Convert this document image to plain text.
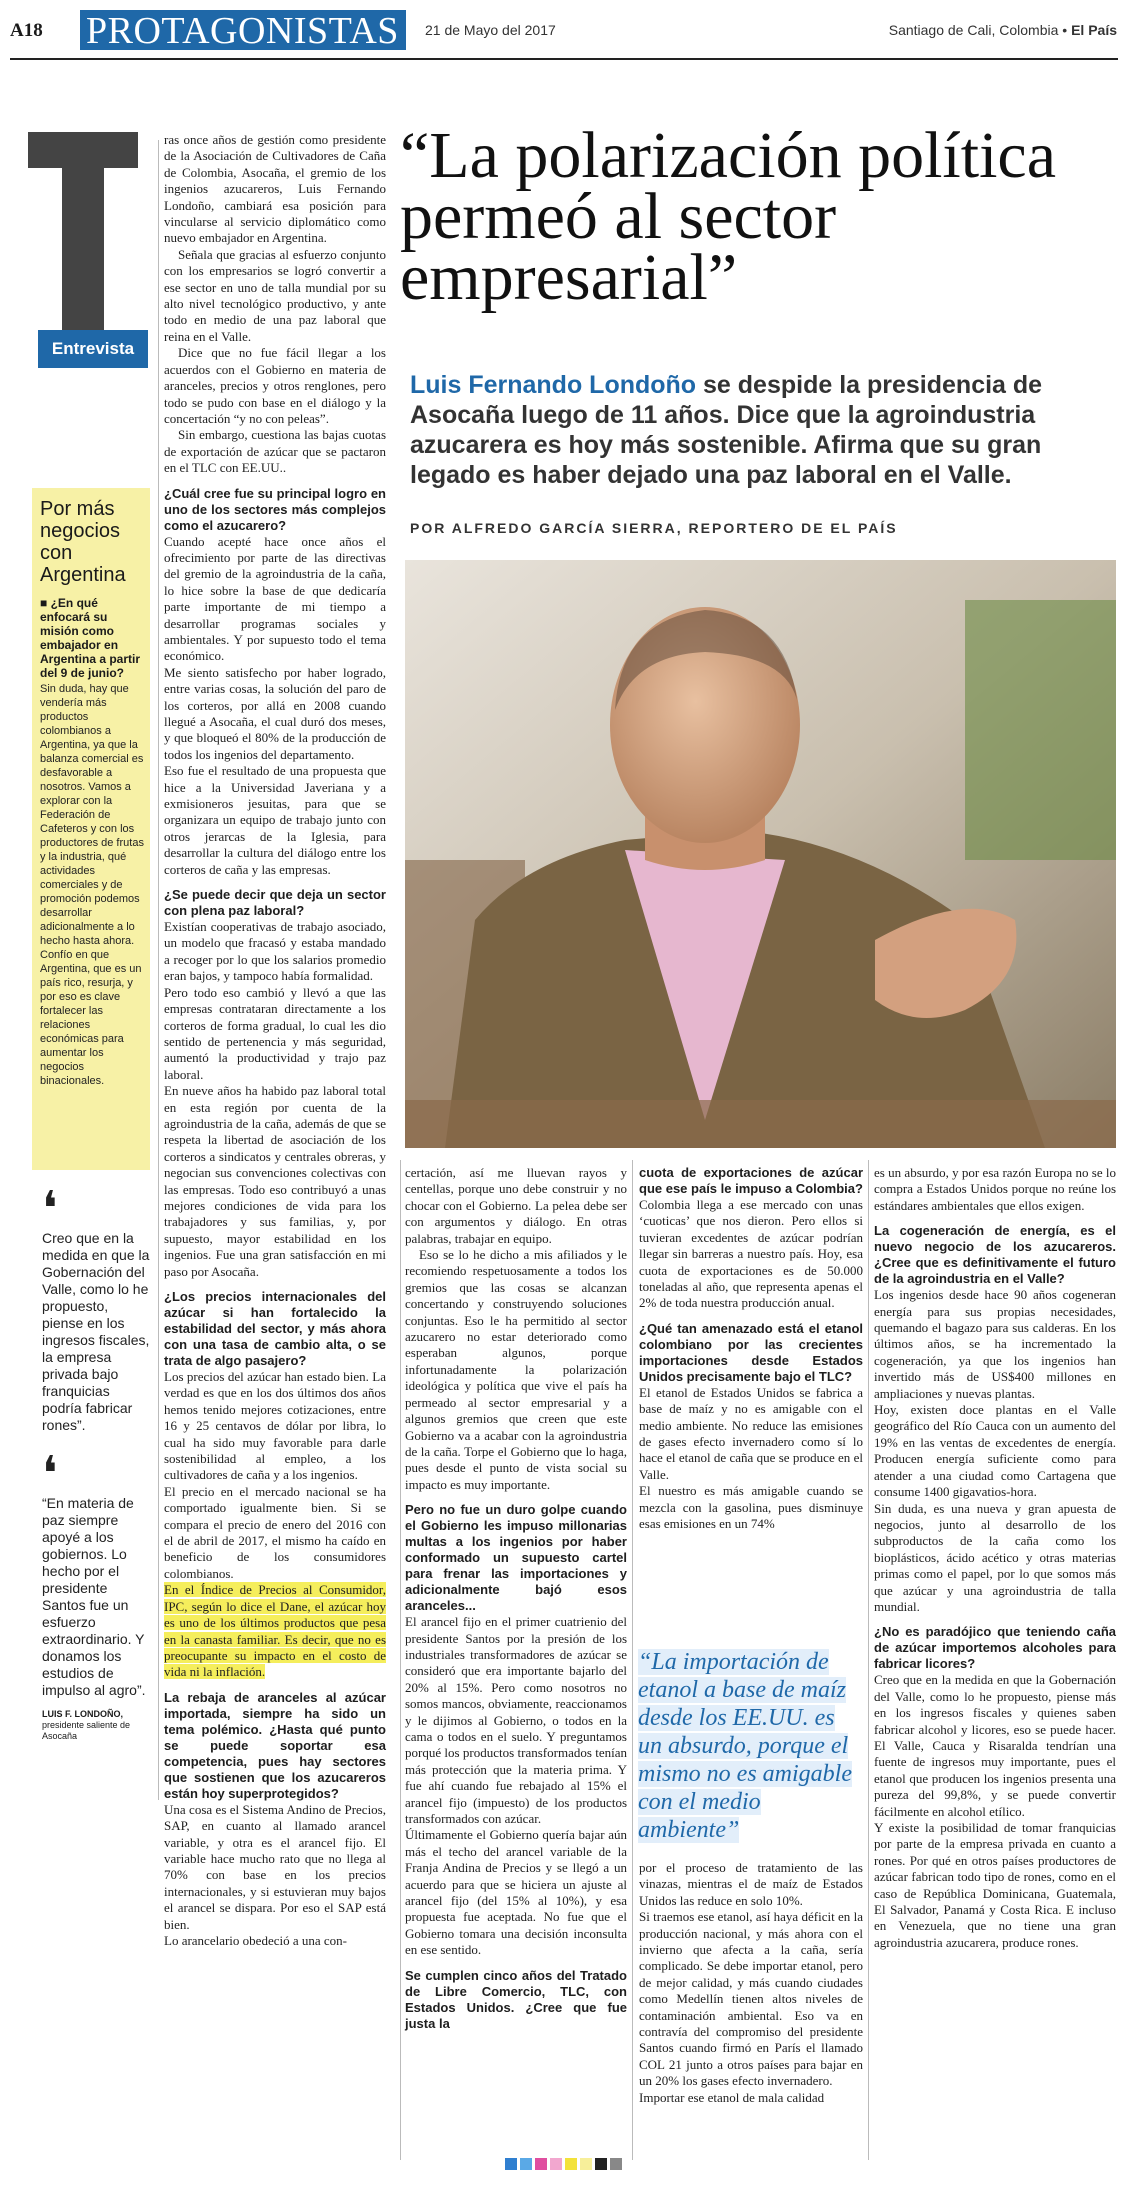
A18 PROTAGONISTAS	21 de Mayo del 2017	Santiago de Cali, Colombia • El País
Entrevista
Por más negocios con Argentina
■ ¿En qué enfocará su misión como embajador en Argentina a partir del 9 de junio?
Sin duda, hay que vendería más productos colombianos a Argentina, ya que la balanza comercial es desfavorable a nosotros. Vamos a explorar con la Federación de Cafeteros y con los productores de frutas y la industria, qué actividades comerciales y de promoción podemos desarrollar adicionalmente a lo hecho hasta ahora. Confío en que Argentina, que es un país rico, resurja, y por eso es clave fortalecer las relaciones económicas para aumentar los negocios binacionales.
❛
Creo que en la medida en que la Gobernación del Valle, como lo he propuesto, piense en los ingresos fiscales, la empresa privada bajo franquicias podría fabricar rones”.
❛
“En materia de paz siempre apoyé a los gobiernos. Lo hecho por el presidente Santos fue un esfuerzo extraordinario. Y donamos los estudios de impulso al agro”.
LUIS F. LONDOÑO,
presidente saliente de Asocaña

ras once años de gestión como presidente de la Asociación de Cultivadores de Caña de Colombia, Asocaña, el gremio de los ingenios azucareros, Luis Fernando Londoño, cambiará esa posición para vincularse al servicio diplomático como nuevo embajador en Argentina.

Señala que gracias al esfuerzo conjunto con los empresarios se logró convertir a ese sector en uno de talla mundial por su alto nivel tecnológico productivo, y ante todo en medio de una paz laboral que reina en el Valle.

Dice que no fue fácil llegar a los acuerdos con el Gobierno en materia de aranceles, precios y otros renglones, pero todo se pudo con base en el diálogo y la concertación “y no con peleas”.

Sin embargo, cuestiona las bajas cuotas de exportación de azúcar que se pactaron en el TLC con EE.UU..

¿Cuál cree fue su principal logro en uno de los sectores más complejos como el azucarero?

Cuando acepté hace once años el ofrecimiento por parte de las directivas del gremio de la agroindustria de la caña, lo hice sobre la base de que dedicaría parte importante de mi tiempo a desarrollar programas sociales y ambientales. Y por supuesto todo el tema económico.

Me siento satisfecho por haber logrado, entre varias cosas, la solución del paro de los corteros, por allá en 2008 cuando llegué a Asocaña, el cual duró dos meses, y que bloqueó el 80% de la producción de todos los ingenios del departamento.

Eso fue el resultado de una propuesta que hice a la Universidad Javeriana y a exmisioneros jesuitas, para que se organizara un equipo de trabajo junto con otros jerarcas de la Iglesia, para desarrollar la cultura del diálogo entre los corteros de caña y las empresas.

¿Se puede decir que deja un sector con plena paz laboral?

Existían cooperativas de trabajo asociado, un modelo que fracasó y estaba mandado a recoger por lo que los salarios promedio eran bajos, y tampoco había formalidad.

Pero todo eso cambió y llevó a que las empresas contrataran directamente a los corteros de forma gradual, lo cual les dio sentido de pertenencia y más seguridad, aumentó la productividad y trajo paz laboral.

En nueve años ha habido paz laboral total en esta región por cuenta de la agroindustria de la caña, además de que se respeta la libertad de asociación de los corteros a sindicatos y centrales obreras, y negocian sus convenciones colectivas con las empresas. Todo eso contribuyó a unas mejores condiciones de vida para los trabajadores y sus familias, y, por supuesto, mayor estabilidad en los ingenios. Fue una gran satisfacción en mi paso por Asocaña.

¿Los precios internacionales del azúcar si han fortalecido la estabilidad del sector, y más ahora con una tasa de cambio alta, o se trata de algo pasajero?

Los precios del azúcar han estado bien. La verdad es que en los dos últimos dos años hemos tenido mejores cotizaciones, entre 16 y 25 centavos de dólar por libra, lo cual ha sido muy favorable para darle sostenibilidad al empleo, a los cultivadores de caña y a los ingenios.

El precio en el mercado nacional se ha comportado igualmente bien. Si se compara el precio de enero del 2016 con el de abril de 2017, el mismo ha caído en beneficio de los consumidores colombianos.

En el Índice de Precios al Consumidor, IPC, según lo dice el Dane, el azúcar hoy es uno de los últimos productos que pesa en la canasta familiar. Es decir, que no es preocupante su impacto en el costo de vida ni la inflación.

La rebaja de aranceles al azúcar importada, siempre ha sido un tema polémico. ¿Hasta qué punto se puede soportar esa competencia, pues hay sectores que sostienen que los azucareros están hoy superprotegidos?

Una cosa es el Sistema Andino de Precios, SAP, en cuanto al llamado arancel variable, y otra es el arancel fijo. El variable hace mucho rato que no llega al 70% con base en los precios internacionales, y si estuvieran muy bajos el arancel se dispara. Por eso el SAP está bien.

Lo arancelario obedeció a una con-

“La polarización política permeó al sector empresarial”
Luis Fernando Londoño se despide la presidencia de Asocaña luego de 11 años. Dice que la agroindustria azucarera es hoy más sostenible. Afirma que su gran legado es haber dejado una paz laboral en el Valle.
POR ALFREDO GARCÍA SIERRA, REPORTERO DE EL PAÍS

certación, así me lluevan rayos y centellas, porque uno debe construir y no chocar con el Gobierno. La pelea debe ser con argumentos y diálogo. En otras palabras, trabajar en equipo.

Eso se lo he dicho a mis afiliados y le recomiendo respetuosamente a todos los gremios que las cosas se alcanzan concertando y construyendo soluciones conjuntas. Eso le ha permitido al sector azucarero no estar deteriorado como esperaban algunos, porque infortunadamente la polarización ideológica y política que vive el país ha permeado al sector empresarial y a algunos gremios que creen que este Gobierno va a acabar con la agroindustria de la caña. Torpe el Gobierno que lo haga, pues desde el punto de vista social su impacto es muy importante.

Pero no fue un duro golpe cuando el Gobierno les impuso millonarias multas a los ingenios por haber conformado un supuesto cartel para frenar las importaciones y adicionalmente bajó esos aranceles...

El arancel fijo en el primer cuatrienio del presidente Santos por la presión de los industriales transformadores de azúcar se consideró que era importante bajarlo del 20% al 15%. Pero como nosotros no somos mancos, obviamente, reaccionamos y le dijimos al Gobierno, o todos en la cama o todos en el suelo. Y preguntamos porqué los productos transformados tenían más protección que la materia prima. Y fue ahí cuando fue rebajado al 15% el arancel fijo (impuesto) de los productos transformados con azúcar.

Últimamente el Gobierno quería bajar aún más el techo del arancel variable de la Franja Andina de Precios y se llegó a un acuerdo para que se hiciera un ajuste al arancel fijo (del 15% al 10%), y esa propuesta fue aceptada. No fue que el Gobierno tomara una decisión inconsulta en ese sentido.

Se cumplen cinco años del Tratado de Libre Comercio, TLC, con Estados Unidos. ¿Cree que fue justa la

cuota de exportaciones de azúcar que ese país le impuso a Colombia?

Colombia llega a ese mercado con unas ‘cuoticas’ que nos dieron. Pero ellos si tuvieran excedentes de azúcar podrían llegar sin barreras a nuestro país. Hoy, esa cuota de exportaciones es de 50.000 toneladas al año, que representa apenas el 2% de toda nuestra producción anual.

¿Qué tan amenazado está el etanol colombiano por las crecientes importaciones desde Estados Unidos precisamente bajo el TLC?

El etanol de Estados Unidos se fabrica a base de maíz y no es amigable con el medio ambiente. No reduce las emisiones de gases efecto invernadero como sí lo hace el etanol de caña que se produce en el Valle.

El nuestro es más amigable cuando se mezcla con la gasolina, pues disminuye esas emisiones en un 74%

“La importación de etanol a base de maíz desde los EE.UU. es un absurdo, porque el mismo no es amigable con el medio ambiente”

por el proceso de tratamiento de las vinazas, mientras el de maíz de Estados Unidos las reduce en solo 10%.

Si traemos ese etanol, así haya déficit en la producción nacional, y más ahora con el invierno que afecta a la caña, sería complicado. Se debe importar etanol, pero de mejor calidad, y más cuando ciudades como Medellín tienen altos niveles de contaminación ambiental. Eso va en contravía del compromiso del presidente Santos cuando firmó en París el llamado COL 21 junto a otros países para bajar en un 20% los gases efecto invernadero.

Importar ese etanol de mala calidad

es un absurdo, y por esa razón Europa no se lo compra a Estados Unidos porque no reúne los estándares ambientales que ellos exigen.

La cogeneración de energía, es el nuevo negocio de los azucareros. ¿Cree que es definitivamente el futuro de la agroindustria en el Valle?

Los ingenios desde hace 90 años cogeneran energía para sus propias necesidades, quemando el bagazo para sus calderas. En los últimos años, se ha incrementado la cogeneración, ya que los ingenios han invertido más de US$400 millones en ampliaciones y nuevas plantas.

Hoy, existen doce plantas en el Valle geográfico del Río Cauca con un aumento del 19% en las ventas de excedentes de energía. Producen energía suficiente como para atender a una ciudad como Cartagena que consume 1400 gigavatios-hora.

Sin duda, es una nueva y gran apuesta de negocios, junto al desarrollo de los subproductos de la caña como los bioplásticos, ácido acético y otras materias primas como el papel, por lo que somos más que azúcar y una agroindustria de talla mundial.

¿No es paradójico que teniendo caña de azúcar importemos alcoholes para fabricar licores?

Creo que en la medida en que la Gobernación del Valle, como lo he propuesto, piense más en los ingresos fiscales y quienes saben fabricar alcohol y licores, eso se puede hacer. El Valle, Cauca y Risaralda tendrían una fuente de ingresos muy importante, pues el etanol que producen los ingenios presenta una pureza del 99,8%, y se puede convertir fácilmente en alcohol etílico.

Y existe la posibilidad de tomar franquicias por parte de la empresa privada en cuanto a rones. Por qué en otros países productores de azúcar fabrican todo tipo de rones, como en el caso de República Dominicana, Guatemala, El Salvador, Panamá y Costa Rica. E incluso en Venezuela, que no tiene una gran agroindustria azucarera, produce rones.
